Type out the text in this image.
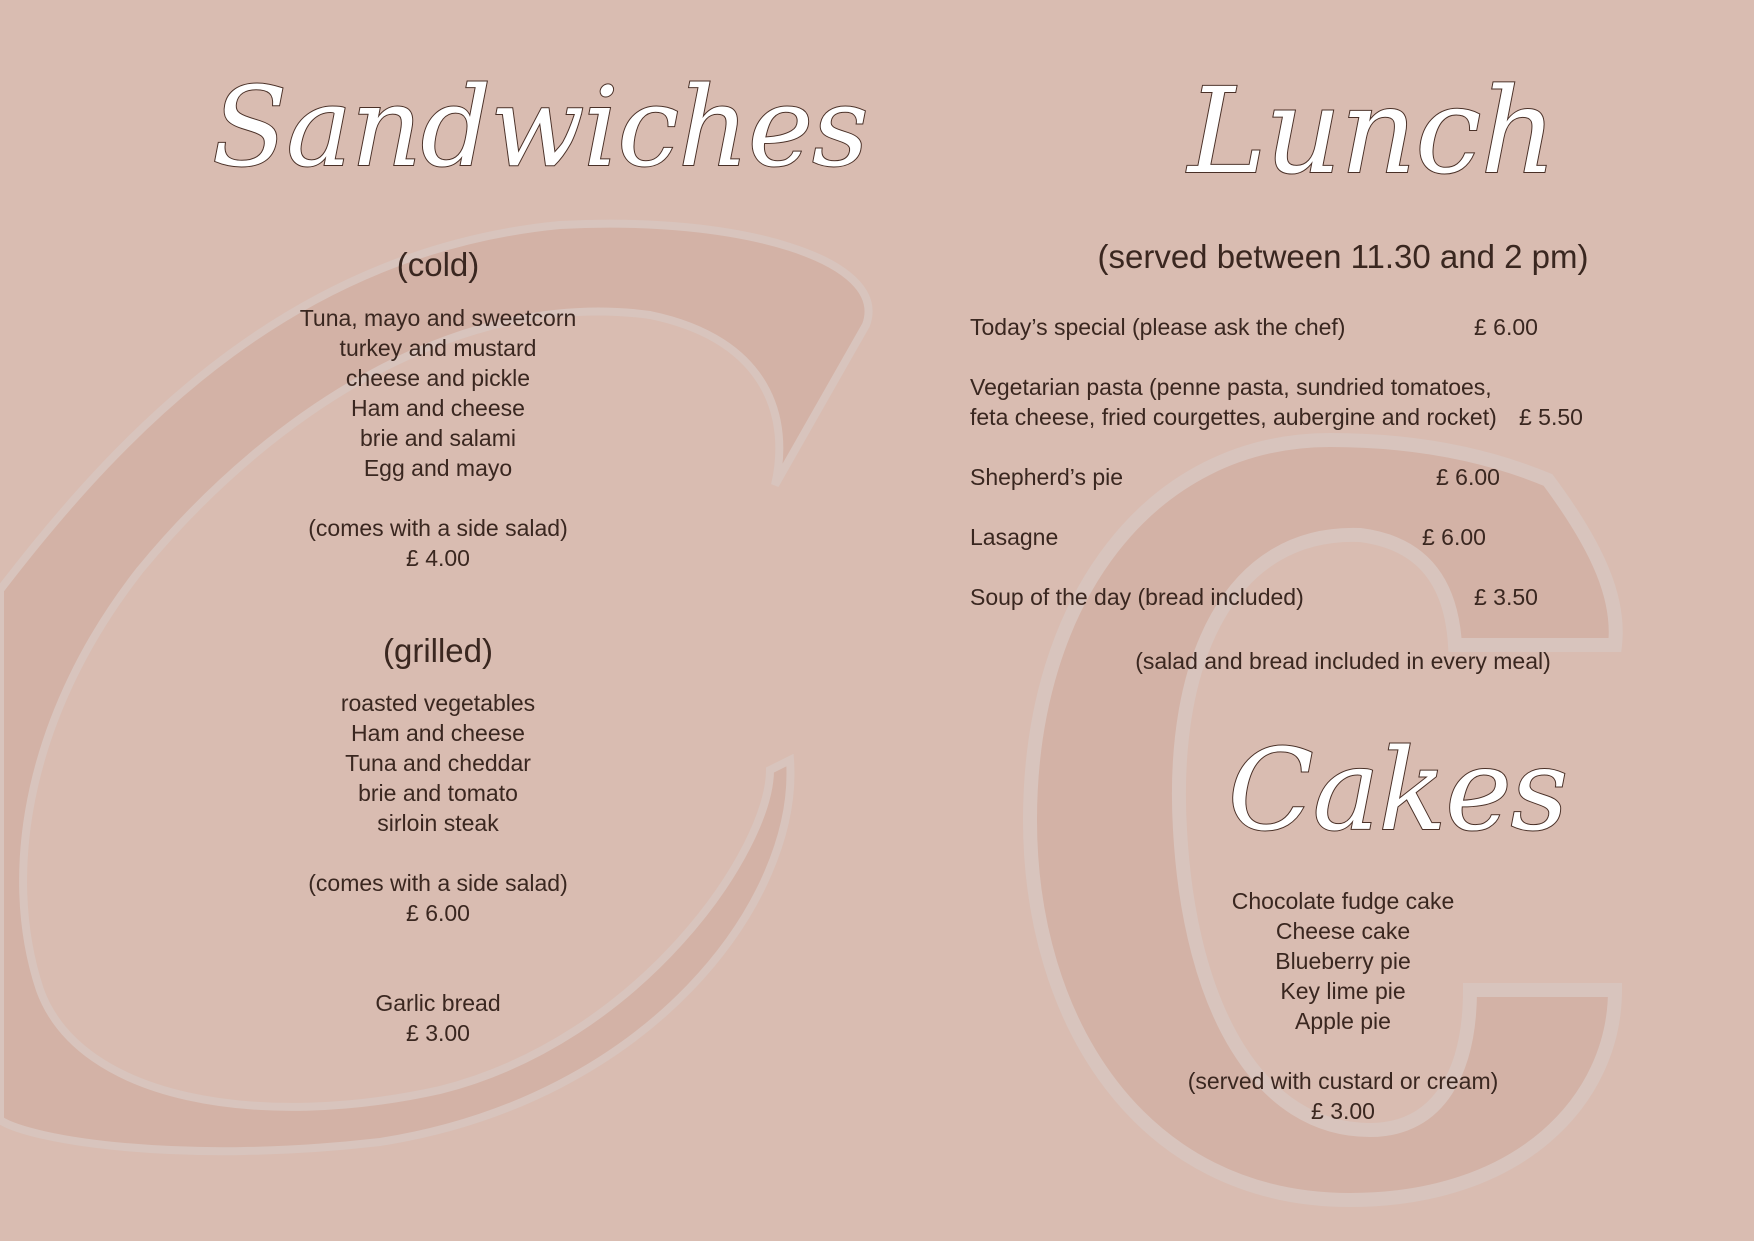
Sandwiches	Lunch
Cakes
(cold)
Tuna, mayo and sweetcorn
turkey and mustard
cheese and pickle
Ham and cheese
brie and salami
Egg and mayo
(comes with a side salad)
£ 4.00
(grilled)
roasted vegetables
Ham and cheese
Tuna and cheddar
brie and tomato
sirloin steak
(comes with a side salad)
£ 6.00
Garlic bread
£ 3.00
(served between 11.30 and 2 pm)
Today’s special (please ask the chef)	£ 6.00
Vegetarian pasta (penne pasta, sundried tomatoes,
feta cheese, fried courgettes, aubergine and rocket) £ 5.50
Shepherd’s pie	£ 6.00
Lasagne	£ 6.00
Soup of the day (bread included)	£ 3.50
(salad and bread included in every meal)
Chocolate fudge cake
Cheese cake
Blueberry pie
Key lime pie
Apple pie
(served with custard or cream)
£ 3.00
